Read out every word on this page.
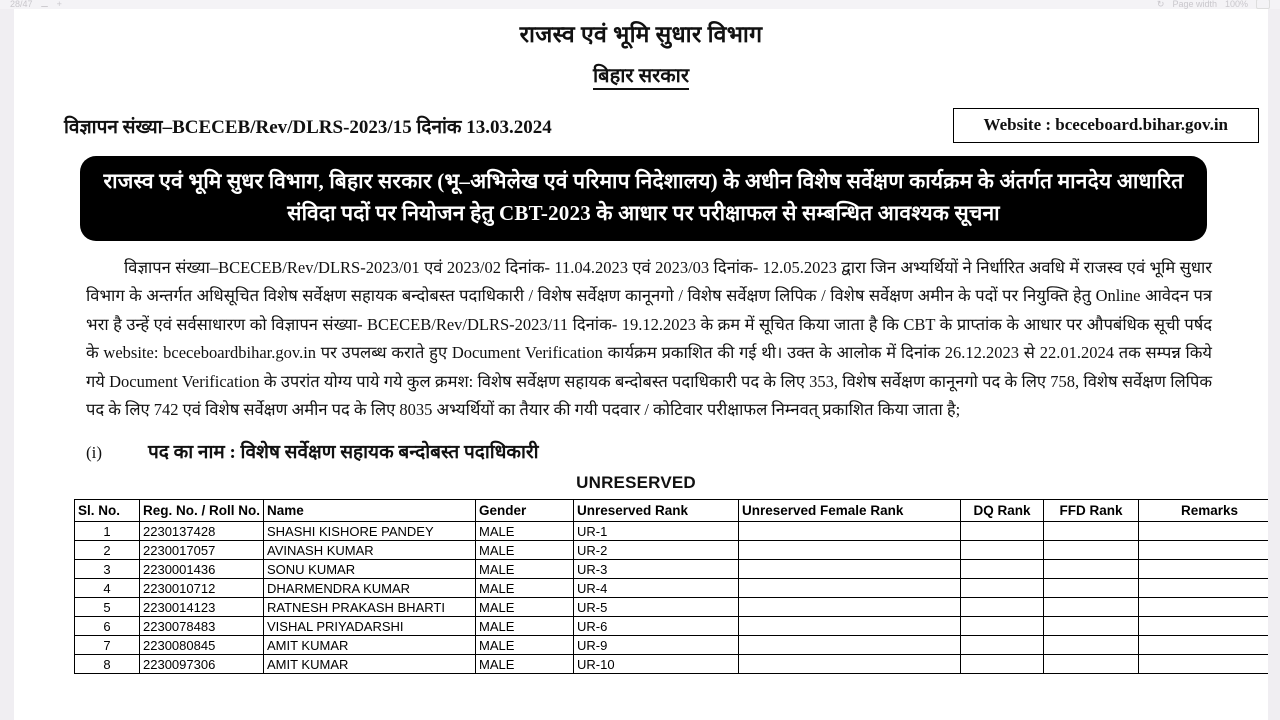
28/47 ⚊ +	↻ Page width 100%
राजस्व एवं भूमि सुधार विभाग
बिहार सरकार
विज्ञापन संख्या–BCECEB/Rev/DLRS-2023/15 दिनांक 13.03.2024	Website : bceceboard.bihar.gov.in
राजस्व एवं भूमि सुधर विभाग, बिहार सरकार (भू–अभिलेख एवं परिमाप निदेशालय) के अधीन विशेष सर्वेक्षण कार्यक्रम के अंतर्गत मानदेय आधारित संविदा पदों पर नियोजन हेतु CBT-2023 के आधार पर परीक्षाफल से सम्बन्धित आवश्यक सूचना
विज्ञापन संख्या–BCECEB/Rev/DLRS-2023/01 एवं 2023/02 दिनांक- 11.04.2023 एवं 2023/03 दिनांक- 12.05.2023 द्वारा जिन अभ्यर्थियों ने निर्धारित अवधि में राजस्व एवं भूमि सुधार विभाग के अन्तर्गत अधिसूचित विशेष सर्वेक्षण सहायक बन्दोबस्त पदाधिकारी / विशेष सर्वेक्षण कानूनगो / विशेष सर्वेक्षण लिपिक / विशेष सर्वेक्षण अमीन के पदों पर नियुक्ति हेतु Online आवेदन पत्र भरा है उन्हें एवं सर्वसाधारण को विज्ञापन संख्या- BCECEB/Rev/DLRS-2023/11 दिनांक- 19.12.2023 के क्रम में सूचित किया जाता है कि CBT के प्राप्तांक के आधार पर औपबंधिक सूची पर्षद के website: bceceboardbihar.gov.in पर उपलब्ध कराते हुए Document Verification कार्यक्रम प्रकाशित की गई थी। उक्त के आलोक में दिनांक 26.12.2023 से 22.01.2024 तक सम्पन्न किये गये Document Verification के उपरांत योग्य पाये गये कुल क्रमश: विशेष सर्वेक्षण सहायक बन्दोबस्त पदाधिकारी पद के लिए 353, विशेष सर्वेक्षण कानूनगो पद के लिए 758, विशेष सर्वेक्षण लिपिक पद के लिए 742 एवं विशेष सर्वेक्षण अमीन पद के लिए 8035 अभ्यर्थियों का तैयार की गयी पदवार / कोटिवार परीक्षाफल निम्नवत् प्रकाशित किया जाता है;
(i)	पद का नाम : विशेष सर्वेक्षण सहायक बन्दोबस्त पदाधिकारी
UNRESERVED
Sl. No.	Reg. No. / Roll No.	Name	Gender	Unreserved Rank	Unreserved Female Rank	DQ Rank	FFD Rank	Remarks
1	2230137428	SHASHI KISHORE PANDEY	MALE	UR-1				
2	2230017057	AVINASH KUMAR	MALE	UR-2				
3	2230001436	SONU KUMAR	MALE	UR-3				
4	2230010712	DHARMENDRA KUMAR	MALE	UR-4				
5	2230014123	RATNESH PRAKASH BHARTI	MALE	UR-5				
6	2230078483	VISHAL PRIYADARSHI	MALE	UR-6				
7	2230080845	AMIT KUMAR	MALE	UR-9				
8	2230097306	AMIT KUMAR	MALE	UR-10				
